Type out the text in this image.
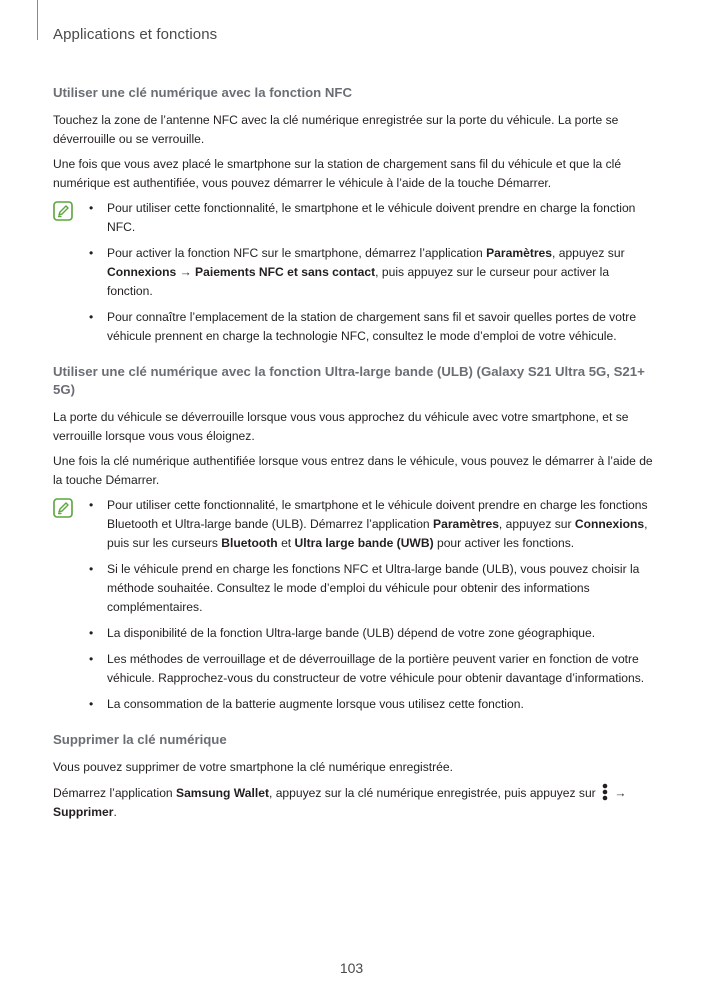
Applications et fonctions
Utiliser une clé numérique avec la fonction NFC

Touchez la zone de l’antenne NFC avec la clé numérique enregistrée sur la porte du véhicule. La porte se déverrouille ou se verrouille.

Une fois que vous avez placé le smartphone sur la station de chargement sans fil du véhicule et que la clé numérique est authentifiée, vous pouvez démarrer le véhicule à l’aide de la touche Démarrer.

• Pour utiliser cette fonctionnalité, le smartphone et le véhicule doivent prendre en charge la fonction NFC.
• Pour activer la fonction NFC sur le smartphone, démarrez l’application Paramètres, appuyez sur Connexions → Paiements NFC et sans contact, puis appuyez sur le curseur pour activer la fonction.
• Pour connaître l’emplacement de la station de chargement sans fil et savoir quelles portes de votre véhicule prennent en charge la technologie NFC, consultez le mode d’emploi de votre véhicule.
Utiliser une clé numérique avec la fonction Ultra-large bande (ULB) (Galaxy S21 Ultra 5G, S21+ 5G)

La porte du véhicule se déverrouille lorsque vous vous approchez du véhicule avec votre smartphone, et se verrouille lorsque vous vous éloignez.

Une fois la clé numérique authentifiée lorsque vous entrez dans le véhicule, vous pouvez le démarrer à l’aide de la touche Démarrer.

• Pour utiliser cette fonctionnalité, le smartphone et le véhicule doivent prendre en charge les fonctions Bluetooth et Ultra-large bande (ULB). Démarrez l’application Paramètres, appuyez sur Connexions, puis sur les curseurs Bluetooth et Ultra large bande (UWB) pour activer les fonctions.
• Si le véhicule prend en charge les fonctions NFC et Ultra-large bande (ULB), vous pouvez choisir la méthode souhaitée. Consultez le mode d’emploi du véhicule pour obtenir des informations complémentaires.
• La disponibilité de la fonction Ultra-large bande (ULB) dépend de votre zone géographique.
• Les méthodes de verrouillage et de déverrouillage de la portière peuvent varier en fonction de votre véhicule. Rapprochez-vous du constructeur de votre véhicule pour obtenir davantage d’informations.
• La consommation de la batterie augmente lorsque vous utilisez cette fonction.
Supprimer la clé numérique

Vous pouvez supprimer de votre smartphone la clé numérique enregistrée.

Démarrez l’application Samsung Wallet, appuyez sur la clé numérique enregistrée, puis appuyez sur  → Supprimer.

103
